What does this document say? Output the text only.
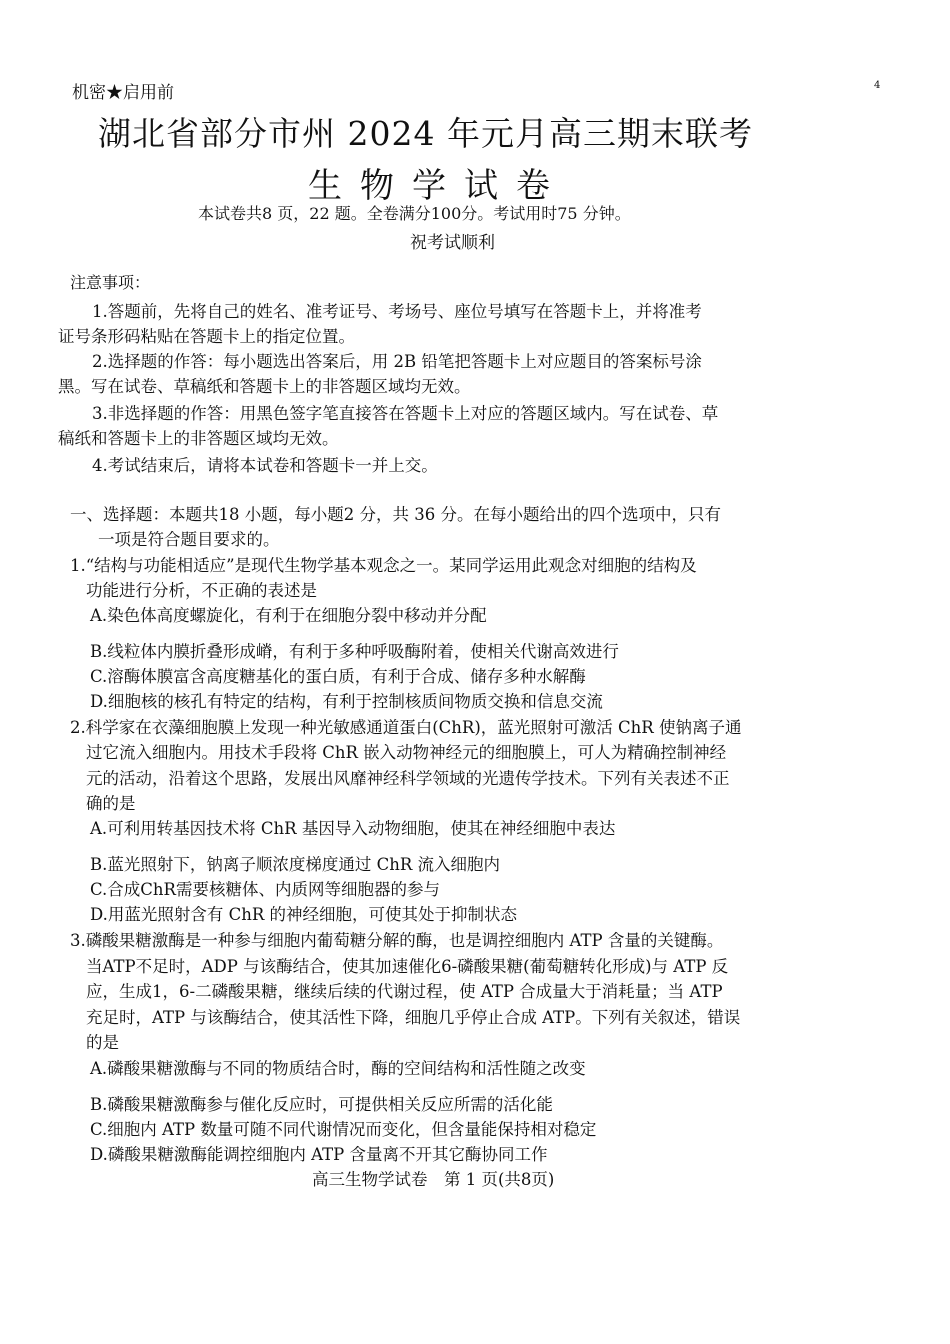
机密★启用前	4
湖北省部分市州 2024 年元月高三期末联考
生物学试卷
本试卷共8 页，22 题。全卷满分100分。考试用时75 分钟。
祝考试顺利
注意事项：
1.答题前，先将自己的姓名、准考证号、考场号、座位号填写在答题卡上，并将准考
证号条形码粘贴在答题卡上的指定位置。
2.选择题的作答：每小题选出答案后，用 2B 铅笔把答题卡上对应题目的答案标号涂
黑。写在试卷、草稿纸和答题卡上的非答题区域均无效。
3.非选择题的作答：用黑色签字笔直接答在答题卡上对应的答题区域内。写在试卷、草
稿纸和答题卡上的非答题区域均无效。
4.考试结束后，请将本试卷和答题卡一并上交。
一、选择题：本题共18 小题，每小题2 分，共 36 分。在每小题给出的四个选项中，只有
一项是符合题目要求的。
1.“结构与功能相适应”是现代生物学基本观念之一。某同学运用此观念对细胞的结构及
功能进行分析，不正确的表述是
A.染色体高度螺旋化，有利于在细胞分裂中移动并分配
B.线粒体内膜折叠形成嵴，有利于多种呼吸酶附着，使相关代谢高效进行
C.溶酶体膜富含高度糖基化的蛋白质，有利于合成、储存多种水解酶
D.细胞核的核孔有特定的结构，有利于控制核质间物质交换和信息交流
2.科学家在衣藻细胞膜上发现一种光敏感通道蛋白(ChR)，蓝光照射可激活 ChR 使钠离子通
过它流入细胞内。用技术手段将 ChR 嵌入动物神经元的细胞膜上，可人为精确控制神经
元的活动，沿着这个思路，发展出风靡神经科学领域的光遗传学技术。下列有关表述不正
确的是
A.可利用转基因技术将 ChR 基因导入动物细胞，使其在神经细胞中表达
B.蓝光照射下，钠离子顺浓度梯度通过 ChR 流入细胞内
C.合成ChR需要核糖体、内质网等细胞器的参与
D.用蓝光照射含有 ChR 的神经细胞，可使其处于抑制状态
3.磷酸果糖激酶是一种参与细胞内葡萄糖分解的酶，也是调控细胞内 ATP 含量的关键酶。
当ATP不足时，ADP 与该酶结合，使其加速催化6-磷酸果糖(葡萄糖转化形成)与 ATP 反
应，生成1，6-二磷酸果糖，继续后续的代谢过程，使 ATP 合成量大于消耗量；当 ATP
充足时，ATP 与该酶结合，使其活性下降，细胞几乎停止合成 ATP。下列有关叙述，错误
的是
A.磷酸果糖激酶与不同的物质结合时，酶的空间结构和活性随之改变
B.磷酸果糖激酶参与催化反应时，可提供相关反应所需的活化能
C.细胞内 ATP 数量可随不同代谢情况而变化，但含量能保持相对稳定
D.磷酸果糖激酶能调控细胞内 ATP 含量离不开其它酶协同工作
高三生物学试卷　第 1 页(共8页)
